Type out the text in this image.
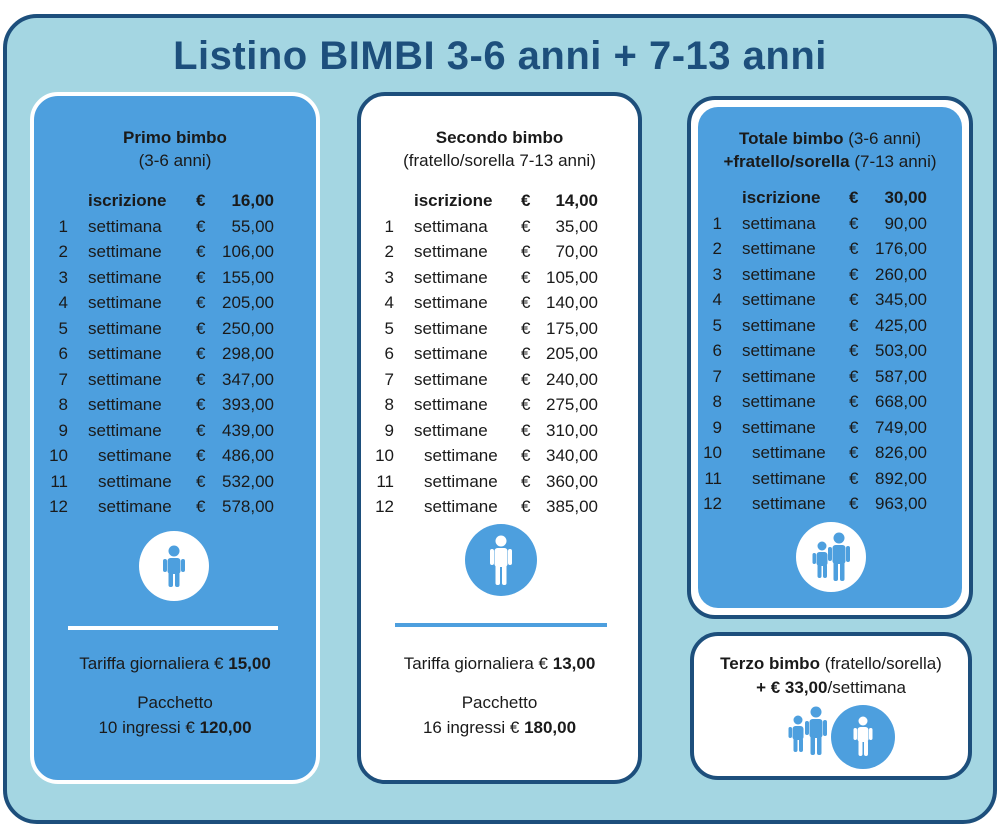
Listino BIMBI 3-6 anni + 7-13 anni
Primo bimbo
(3-6 anni)
Tariffa giornaliera € 15,00
Pacchetto
10 ingressi € 120,00
iscrizione €	16,00
1 settimana €	55,00
2 settimane € 106,00
3 settimane € 155,00
4 settimane € 205,00
5 settimane € 250,00
6 settimane € 298,00
7 settimane € 347,00
8 settimane € 393,00
9 settimane € 439,00
10 settimane € 486,00
11 settimane € 532,00
12 settimane € 578,00
Secondo bimbo
(fratello/sorella 7-13 anni)
Tariffa giornaliera € 13,00
Pacchetto
16 ingressi € 180,00
iscrizione €	14,00
1 settimana €	35,00
2 settimane €	70,00
3 settimane € 105,00
4 settimane € 140,00
5 settimane € 175,00
6 settimane € 205,00
7 settimane € 240,00
8 settimane € 275,00
9 settimane € 310,00
10 settimane € 340,00
11 settimane € 360,00
12 settimane € 385,00
Totale bimbo (3-6 anni)
+fratello/sorella (7-13 anni)
iscrizione €	30,00
1 settimana €	90,00
2 settimane € 176,00
3 settimane € 260,00
4 settimane € 345,00
5 settimane € 425,00
6 settimane € 503,00
7 settimane € 587,00
8 settimane € 668,00
9 settimane € 749,00
10 settimane € 826,00
11 settimane € 892,00
12 settimane € 963,00
Terzo bimbo (fratello/sorella)
+ € 33,00/settimana
